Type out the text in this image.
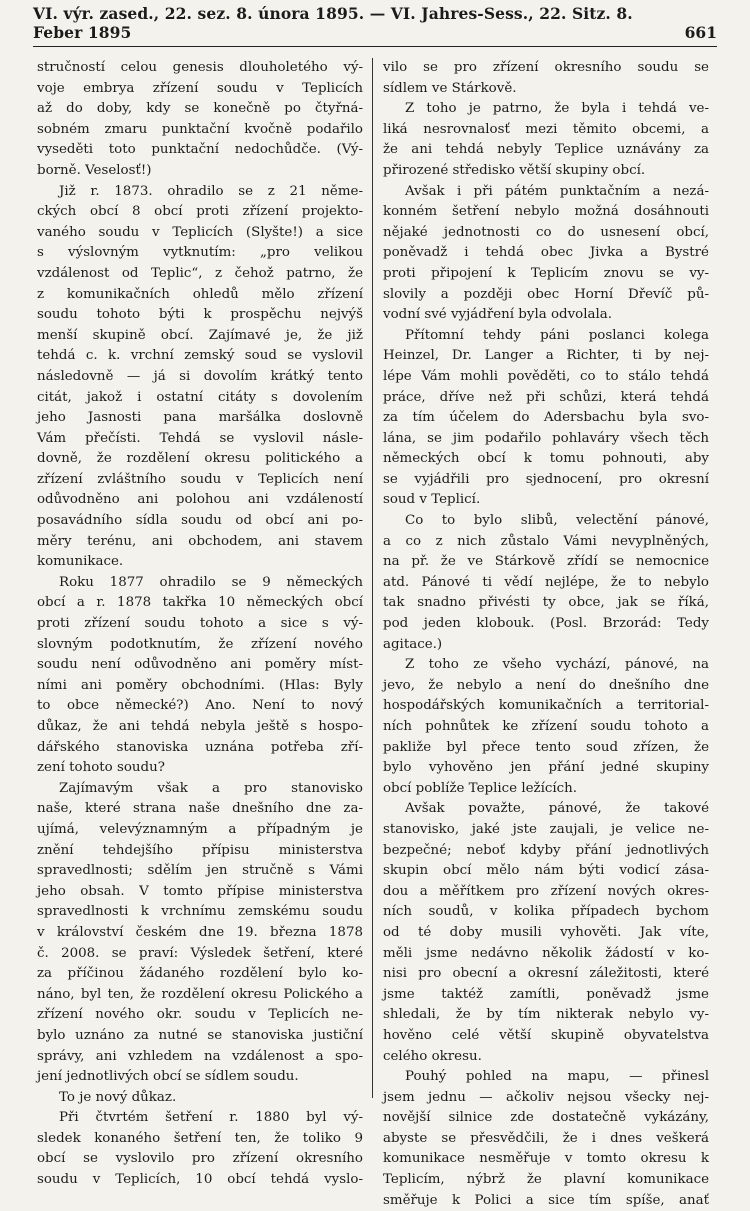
VI. výr. zased., 22. sez. 8. února 1895. — VI. Jahres-Sess., 22. Sitz. 8. Feber 1895	661
stručností celou genesis dlouholetého vý-
voje embrya zřízení soudu v Teplicích
až do doby, kdy se konečně po čtyřná-
sobném zmaru punktační kvočně podařilo
vyseděti toto punktační nedochůdče. (Vý-
borně. Veselosť!)
Již r. 1873. ohradilo se z 21 něme-
ckých obcí 8 obcí proti zřízení projekto-
vaného soudu v Teplicích (Slyšte!) a sice
s výslovným vytknutím: „pro velikou
vzdálenost od Teplic“, z čehož patrno, že
z komunikačních ohledů mělo zřízení
soudu tohoto býti k prospěchu nejvýš
menší skupině obcí. Zajímavé je, že již
tehdá c. k. vrchní zemský soud se vyslovil
následovně — já si dovolím krátký tento
citát, jakož i ostatní citáty s dovolením
jeho Jasnosti pana maršálka doslovně
Vám přečísti. Tehdá se vyslovil násle-
dovně, že rozdělení okresu politického a
zřízení zvláštního soudu v Teplicích není
odůvodněno ani polohou ani vzdáleností
posavádního sídla soudu od obcí ani po-
měry terénu, ani obchodem, ani stavem
komunikace.
Roku 1877 ohradilo se 9 německých
obcí a r. 1878 takřka 10 německých obcí
proti zřízení soudu tohoto a sice s vý-
slovným podotknutím, že zřízení nového
soudu není odůvodněno ani poměry míst-
ními ani poměry obchodními. (Hlas: Byly
to obce německé?) Ano. Není to nový
důkaz, že ani tehdá nebyla ještě s hospo-
dářského stanoviska uznána potřeba zří-
zení tohoto soudu?
Zajímavým však a pro stanovisko
naše, které strana naše dnešního dne za-
ujímá, velevýznamným a případným je
znění tehdejšího přípisu ministerstva
spravedlnosti; sdělím jen stručně s Vámi
jeho obsah. V tomto přípise ministerstva
spravedlnosti k vrchnímu zemskému soudu
v království českém dne 19. března 1878
č. 2008. se praví: Výsledek šetření, které
za příčinou žádaného rozdělení bylo ko-
náno, byl ten, že rozdělení okresu Polického a
zřízení nového okr. soudu v Teplicích ne-
bylo uznáno za nutné se stanoviska justiční
správy, ani vzhledem na vzdálenost a spo-
jení jednotlivých obcí se sídlem soudu.
To je nový důkaz.
Při čtvrtém šetření r. 1880 byl vý-
sledek konaného šetření ten, že toliko 9
obcí se vyslovilo pro zřízení okresního
soudu v Teplicích, 10 obcí tehdá vyslo-
vilo se pro zřízení okresního soudu se
sídlem ve Stárkově.
Z toho je patrno, že byla i tehdá ve-
liká nesrovnalosť mezi těmito obcemi, a
že ani tehdá nebyly Teplice uznávány za
přirozené středisko větší skupiny obcí.
Avšak i při pátém punktačním a nezá-
konném šetření nebylo možná dosáhnouti
nějaké jednotnosti co do usnesení obcí,
poněvadž i tehdá obec Jivka a Bystré
proti připojení k Teplicím znovu se vy-
slovily a později obec Horní Dřevíč pů-
vodní své vyjádření byla odvolala.
Přítomní tehdy páni poslanci kolega
Heinzel, Dr. Langer a Richter, ti by nej-
lépe Vám mohli pověděti, co to stálo tehdá
práce, dříve než při schůzi, která tehdá
za tím účelem do Adersbachu byla svo-
lána, se jim podařilo pohlaváry všech těch
německých obcí k tomu pohnouti, aby
se vyjádřili pro sjednocení, pro okresní
soud v Teplicí.
Co to bylo slibů, velectění pánové,
a co z nich zůstalo Vámi nevyplněných,
na př. že ve Stárkově zřídí se nemocnice
atd. Pánové ti vědí nejlépe, že to nebylo
tak snadno přivésti ty obce, jak se říká,
pod jeden klobouk. (Posl. Brzorád: Tedy
agitace.)
Z toho ze všeho vychází, pánové, na
jevo, že nebylo a není do dnešního dne
hospodářských komunikačních a territorial-
ních pohnůtek ke zřízení soudu tohoto a
pakliže byl přece tento soud zřízen, že
bylo vyhověno jen přání jedné skupiny
obcí poblíže Teplice ležících.
Avšak považte, pánové, že takové
stanovisko, jaké jste zaujali, je velice ne-
bezpečné; neboť kdyby přání jednotlivých
skupin obcí mělo nám býti vodicí zása-
dou a měřítkem pro zřízení nových okres-
ních soudů, v kolika případech bychom
od té doby musili vyhověti. Jak víte,
měli jsme nedávno několik žádostí v ko-
nisi pro obecní a okresní záležitosti, které
jsme taktéž zamítli, poněvadž jsme
shledali, že by tím nikterak nebylo vy-
hověno celé větší skupině obyvatelstva
celého okresu.
Pouhý pohled na mapu, — přinesl
jsem jednu — ačkoliv nejsou všecky nej-
novější silnice zde dostatečně vykázány,
abyste se přesvědčili, že i dnes veškerá
komunikace nesměřuje v tomto okresu k
Teplicím, nýbrž že plavní komunikace
směřuje k Polici a sice tím spíše, anať
